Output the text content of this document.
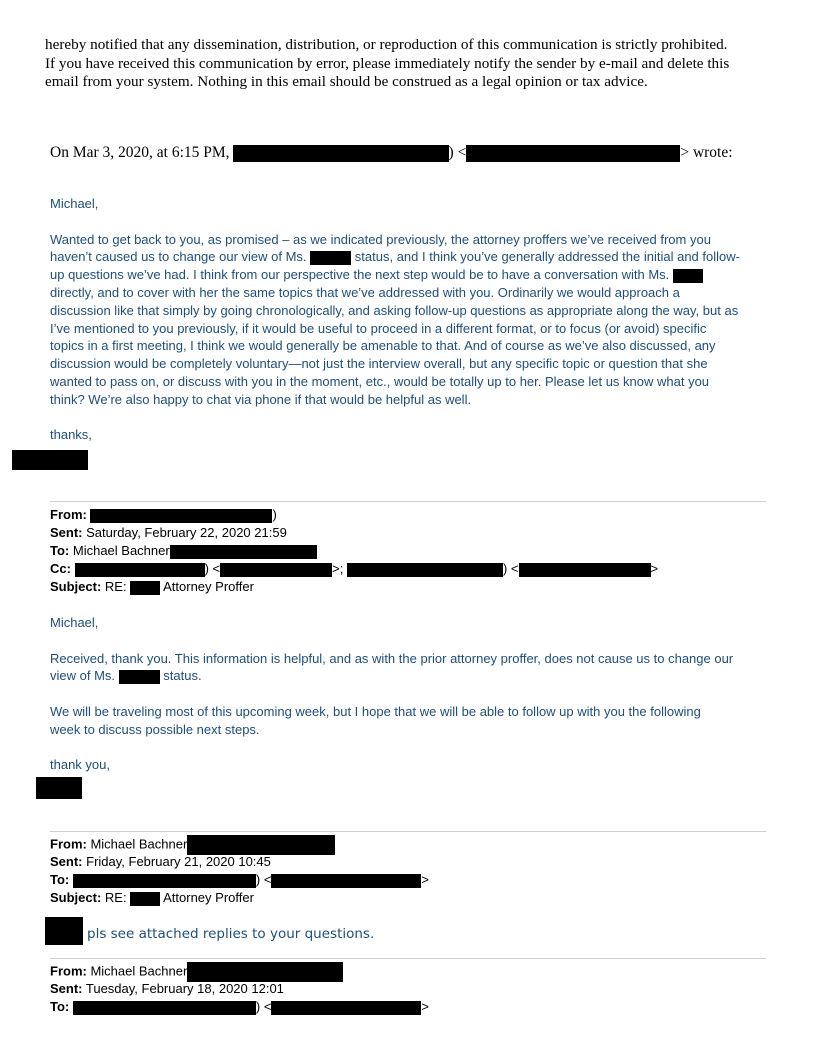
hereby notified that any dissemination, distribution, or reproduction of this communication is strictly prohibited.
If you have received this communication by error, please immediately notify the sender by e-mail and delete this
email from your system. Nothing in this email should be construed as a legal opinion or tax advice.
On Mar 3, 2020, at 6:15 PM,	) <	> wrote:
Michael,
Wanted to get back to you, as promised – as we indicated previously, the attorney proffers we’ve received from you
haven’t caused us to change our view of Ms.	status, and I think you’ve generally addressed the initial and follow-
up questions we’ve had. I think from our perspective the next step would be to have a conversation with Ms.
directly, and to cover with her the same topics that we’ve addressed with you. Ordinarily we would approach a
discussion like that simply by going chronologically, and asking follow-up questions as appropriate along the way, but as
I’ve mentioned to you previously, if it would be useful to proceed in a different format, or to focus (or avoid) specific
topics in a first meeting, I think we would generally be amenable to that. And of course as we’ve also discussed, any
discussion would be completely voluntary—not just the interview overall, but any specific topic or question that she
wanted to pass on, or discuss with you in the moment, etc., would be totally up to her. Please let us know what you
think? We’re also happy to chat via phone if that would be helpful as well.
thanks,
From:	)
Sent: Saturday, February 22, 2020 21:59
To: Michael Bachner
Cc:	) <	>;	) <	>
Subject: RE:	Attorney Proffer
Michael,
Received, thank you. This information is helpful, and as with the prior attorney proffer, does not cause us to change our
view of Ms.	status.
We will be traveling most of this upcoming week, but I hope that we will be able to follow up with you the following
week to discuss possible next steps.
thank you,
From: Michael Bachner
Sent: Friday, February 21, 2020 10:45
To:	) <	>
Subject: RE:	Attorney Proffer
pls see attached replies to your questions.
From: Michael Bachner
Sent: Tuesday, February 18, 2020 12:01
To:	) <	>
